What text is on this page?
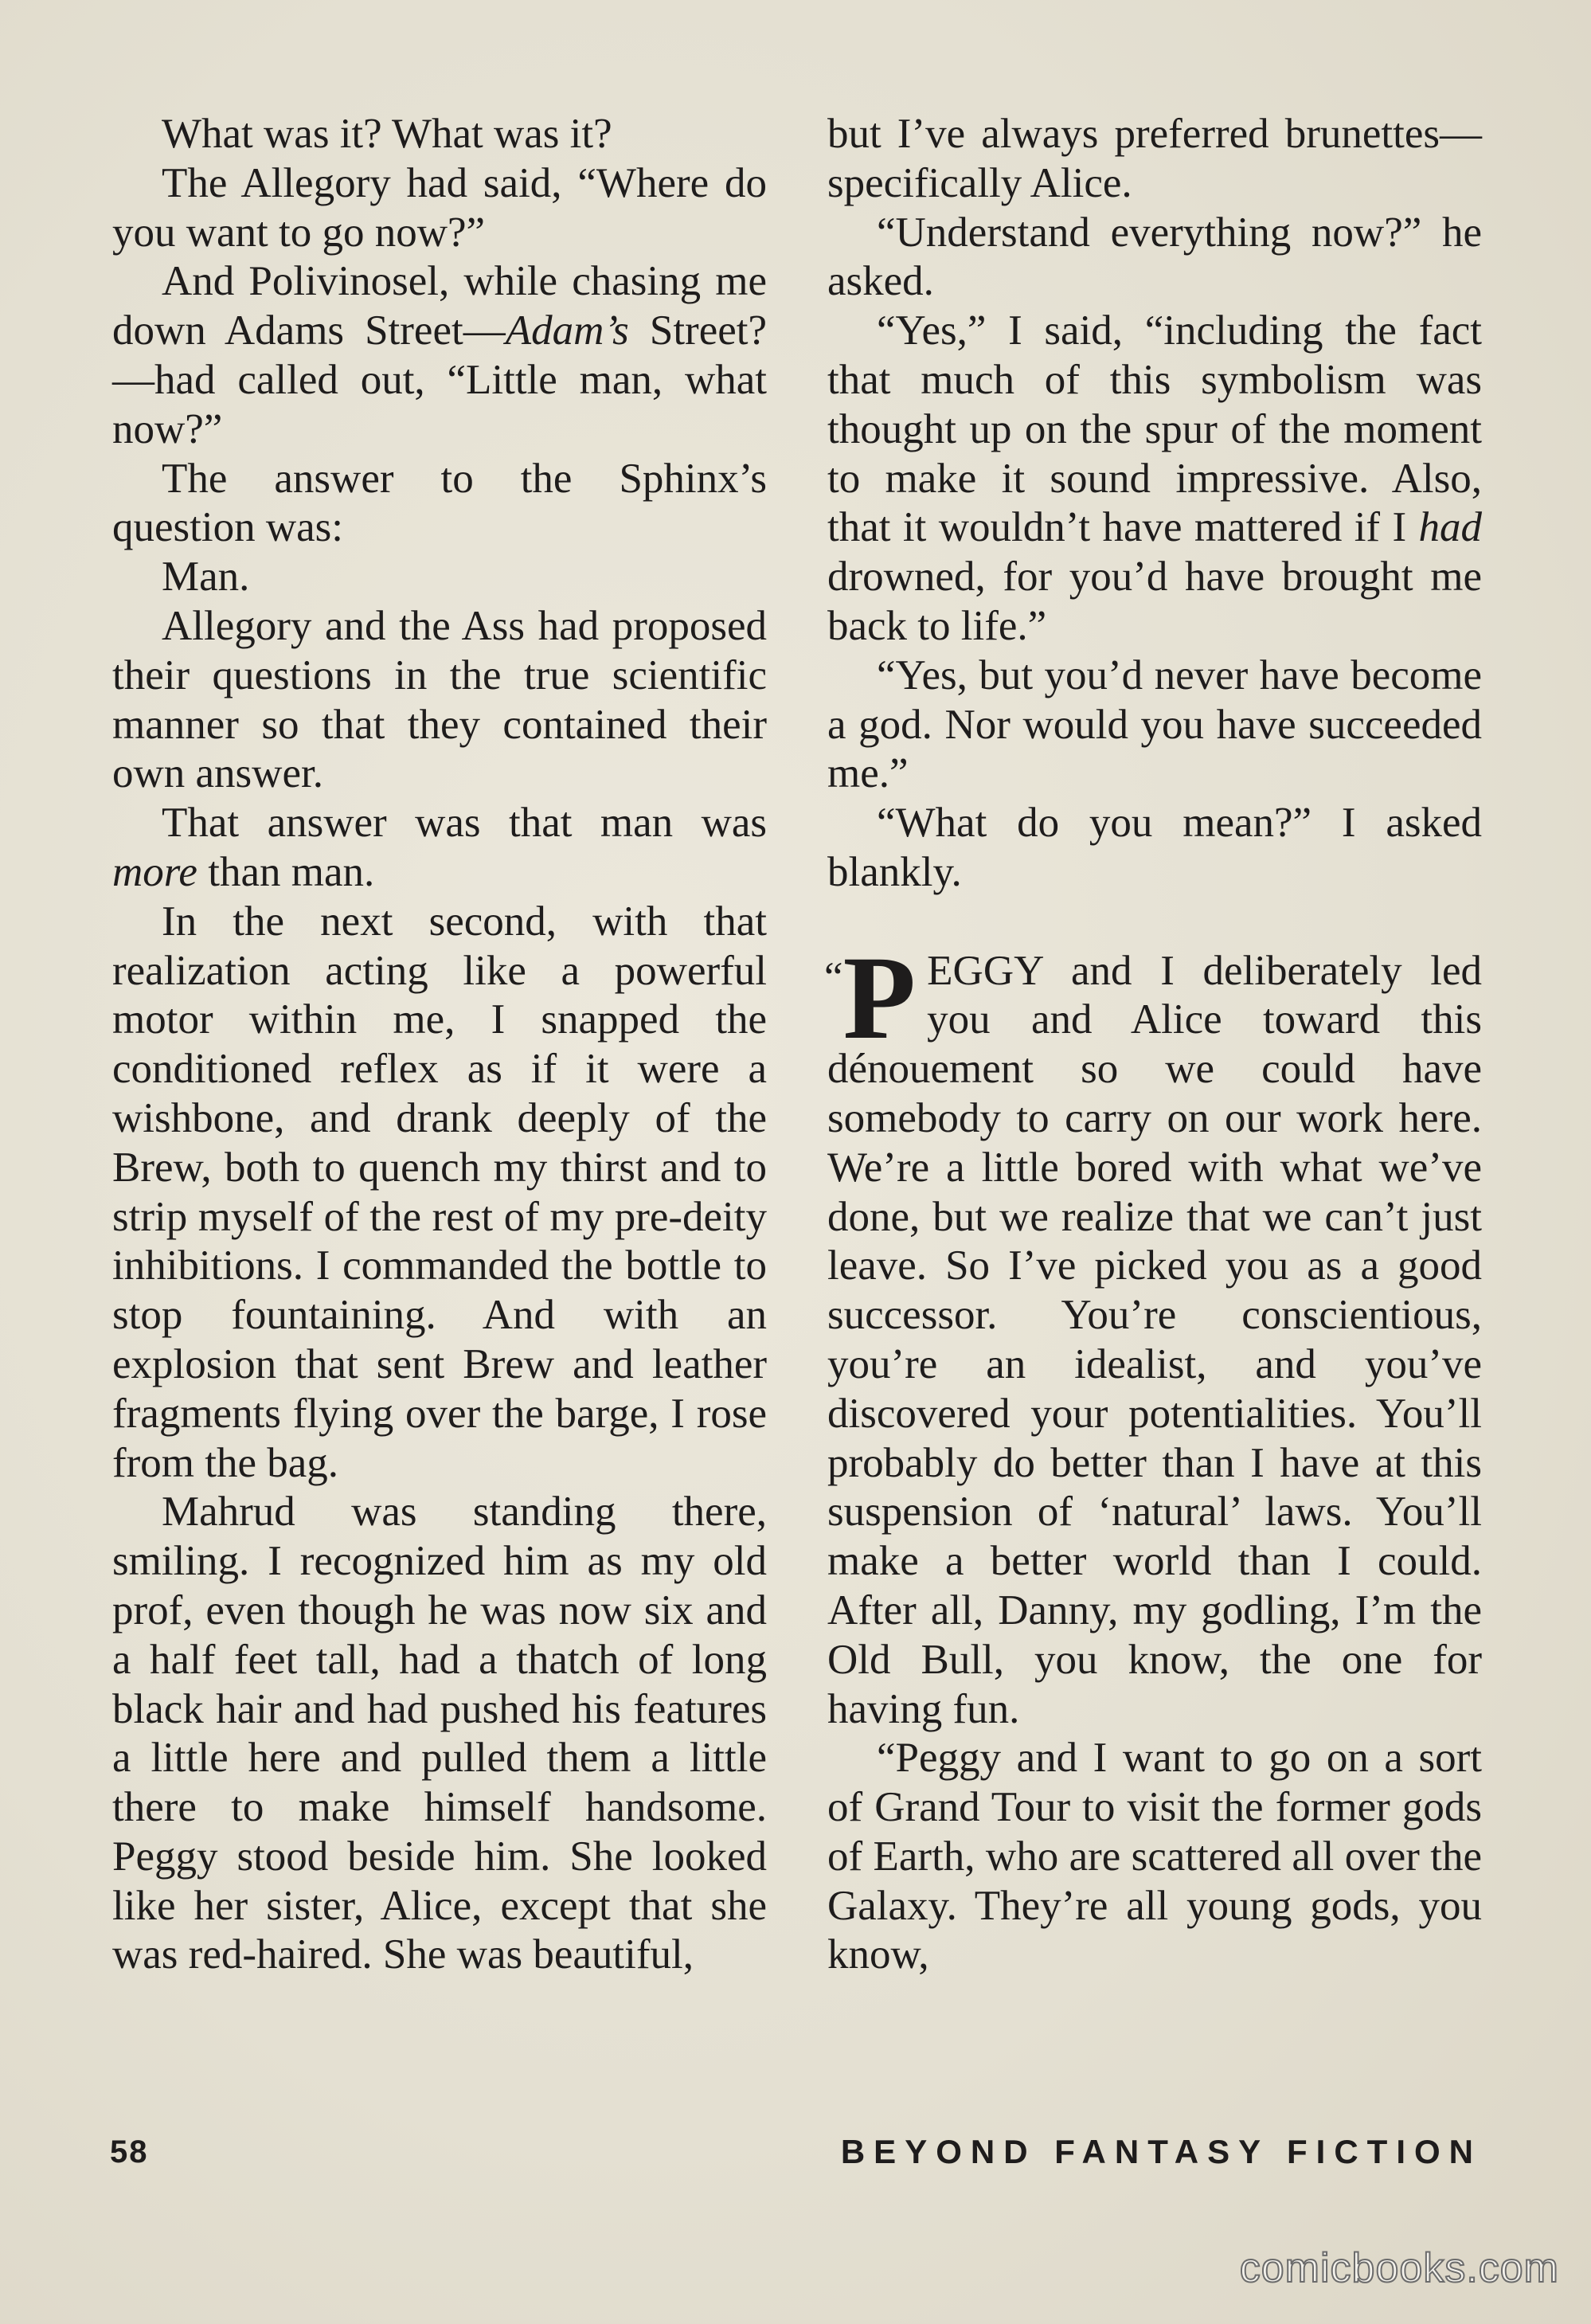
What was it? What was it?

The Allegory had said, “Where do you want to go now?”

And Polivinosel, while chasing me down Adams Street—Adam’s Street?—had called out, “Little man, what now?”

The answer to the Sphinx’s question was:

Man.

Allegory and the Ass had proposed their questions in the true scientific manner so that they contained their own answer.

That answer was that man was more than man.

In the next second, with that realization acting like a powerful motor within me, I snapped the conditioned reflex as if it were a wishbone, and drank deeply of the Brew, both to quench my thirst and to strip myself of the rest of my pre-deity inhibitions. I commanded the bottle to stop fountaining. And with an explosion that sent Brew and leather fragments flying over the barge, I rose from the bag.

Mahrud was standing there, smiling. I recognized him as my old prof, even though he was now six and a half feet tall, had a thatch of long black hair and had pushed his features a little here and pulled them a little there to make himself handsome. Peggy stood beside him. She looked like her sister, Alice, except that she was red-haired. She was beautiful,

but I’ve always preferred brunettes—specifically Alice.

“Understand everything now?” he asked.

“Yes,” I said, “including the fact that much of this symbolism was thought up on the spur of the moment to make it sound impressive. Also, that it wouldn’t have mattered if I had drowned, for you’d have brought me back to life.”

“Yes, but you’d never have become a god. Nor would you have succeeded me.”

“What do you mean?” I asked blankly.

“P EGGY and I deliberately led you and Alice toward this dénouement so we could have somebody to carry on our work here. We’re a little bored with what we’ve done, but we realize that we can’t just leave. So I’ve picked you as a good successor. You’re conscientious, you’re an idealist, and you’ve discovered your potentialities. You’ll probably do better than I have at this suspension of ‘natural’ laws. You’ll make a better world than I could. After all, Danny, my godling, I’m the Old Bull, you know, the one for having fun.

“Peggy and I want to go on a sort of Grand Tour to visit the former gods of Earth, who are scattered all over the Galaxy. They’re all young gods, you know,

58	BEYOND FANTASY FICTION
comicbooks.com
